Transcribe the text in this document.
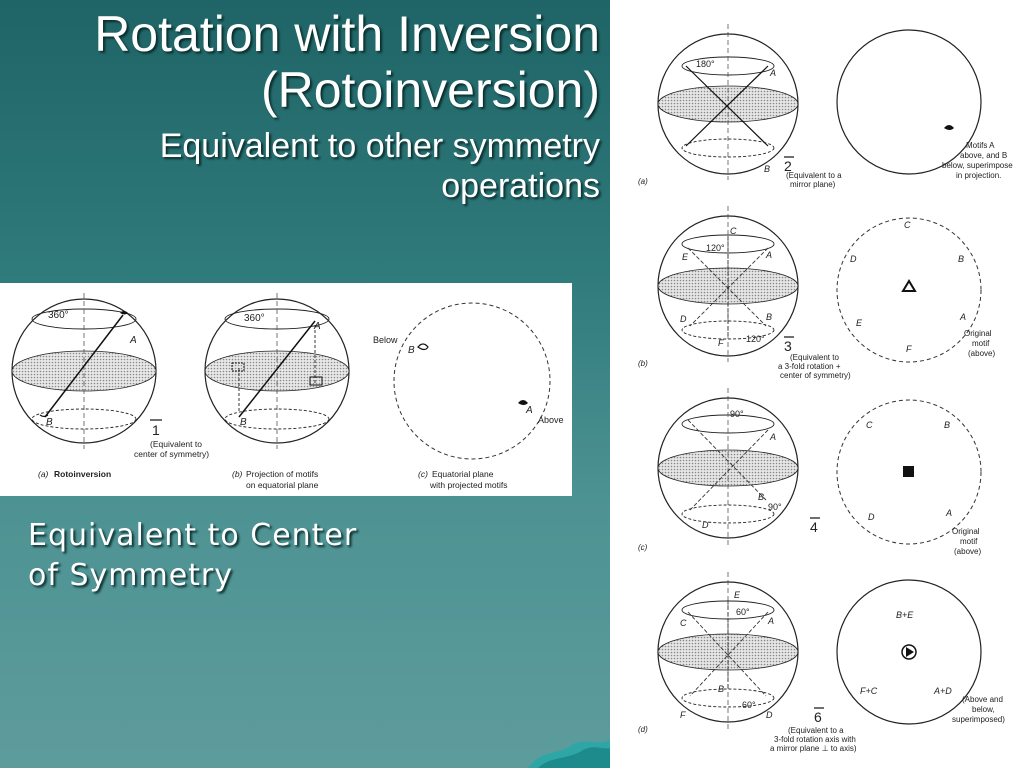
Rotation with Inversion
(Rotoinversion)
Equivalent to other symmetry
operations
Equivalent to Center
of Symmetry
360°
A
B	1
(Equivalent to
center of symmetry)
(a) Rotoinversion
360°
A
B
(b) Projection of motifs
on equatorial plane
Below
B
A
Above
(c) Equatorial plane
with projected motifs
180°
A
B
(a)
2
(Equivalent to a
mirror plane)
Motifs A
above, and B
below, superimpose
in projection.
120°
120°
C
E	A
D	B
F
C
D	B
E
A
F
(b)
3
(Equivalent to
a 3-fold rotation +
center of symmetry)
Original
motif
(above)
90°
90°
A
B
D
C	B
D	A
(c)
4	Original
motif
(above)
E
60°
C	A
B
F
60°
D
B+E
F+C	A+D
(d)
6
(Equivalent to a
3-fold rotation axis with
a mirror plane ⊥ to axis)
(Above and
below,
superimposed)
